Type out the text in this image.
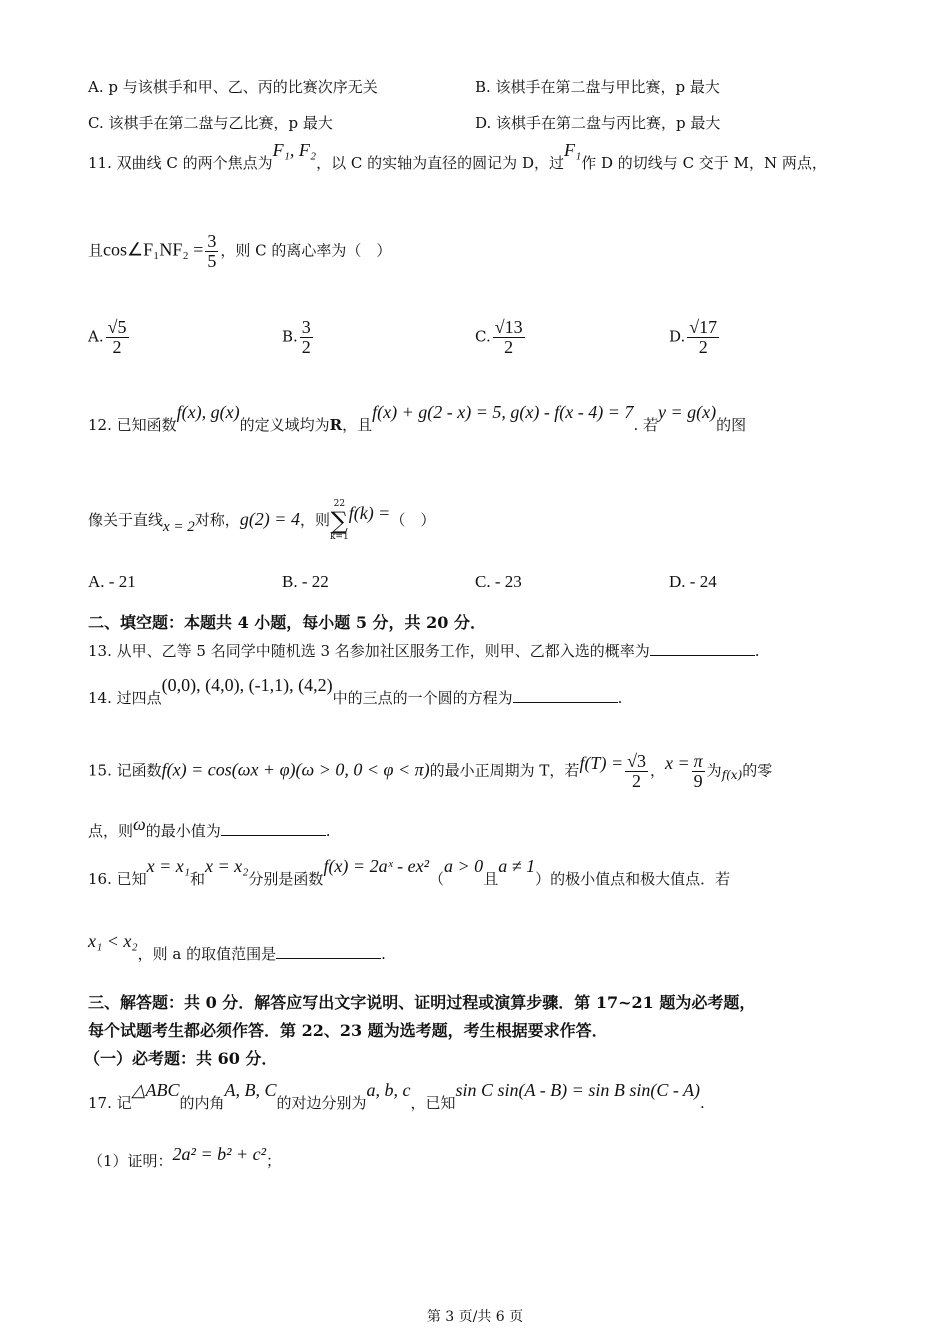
A. p 与该棋手和甲、乙、丙的比赛次序无关	B. 该棋手在第二盘与甲比赛，p 最大
C. 该棋手在第二盘与乙比赛，p 最大	D. 该棋手在第二盘与丙比赛，p 最大
11. 双曲线 C 的两个焦点为F₁, F₂，以 C 的实轴为直径的圆记为 D，过F₁作 D 的切线与 C 交于 M，N 两点，
且cos∠F₁NF₂ = $\frac{3}{5}$ ，则 C 的离心率为（　）
A. $\frac{√5}{2}$	B. $\frac{3}{2}$	C. $\frac{√13}{2}$	D. $\frac{√17}{2}$
12. 已知函数f(x), g(x)的定义域均为R，且f(x) + g(2 - x) = 5, g(x) - f(x - 4) = 7. 若y = g(x)的图
像关于直线x = 2对称，g(2) = 4，则
22
∑
k=1
f(k) =（　）
A. - 21	B. - 22	C. - 23	D. - 24
二、填空题：本题共 4 小题，每小题 5 分，共 20 分．
13. 从甲、乙等 5 名同学中随机选 3 名参加社区服务工作，则甲、乙都入选的概率为	.
14. 过四点(0,0), (4,0), (-1,1), (4,2)中的三点的一个圆的方程为	.
15. 记函数f(x) = cos(ωx + φ)(ω > 0, 0 < φ < π)的最小正周期为 T，若$f(T) = \frac{√3}{2}$ ，$x = \frac{\pi}{9}$ 为$_{f(x)}$的零
点，则ω的最小值为	.
16. 已知x = x₁和x = x₂分别是函数f(x) = 2aˣ - ex²（a > 0且a ≠ 1）的极小值点和极大值点．若
x₁ < x₂，则 a 的取值范围是	.
三、解答题：共 0 分．解答应写出文字说明、证明过程或演算步骤．第 17~21 题为必考题，
每个试题考生都必须作答．第 22、23 题为选考题，考生根据要求作答．
（一）必考题：共 60 分．
17. 记△ABC的内角A, B, C的对边分别为a, b, c，已知sin C sin(A - B) = sin B sin(C - A).
（1）证明：2a² = b² + c²；
第 3 页/共 6 页
